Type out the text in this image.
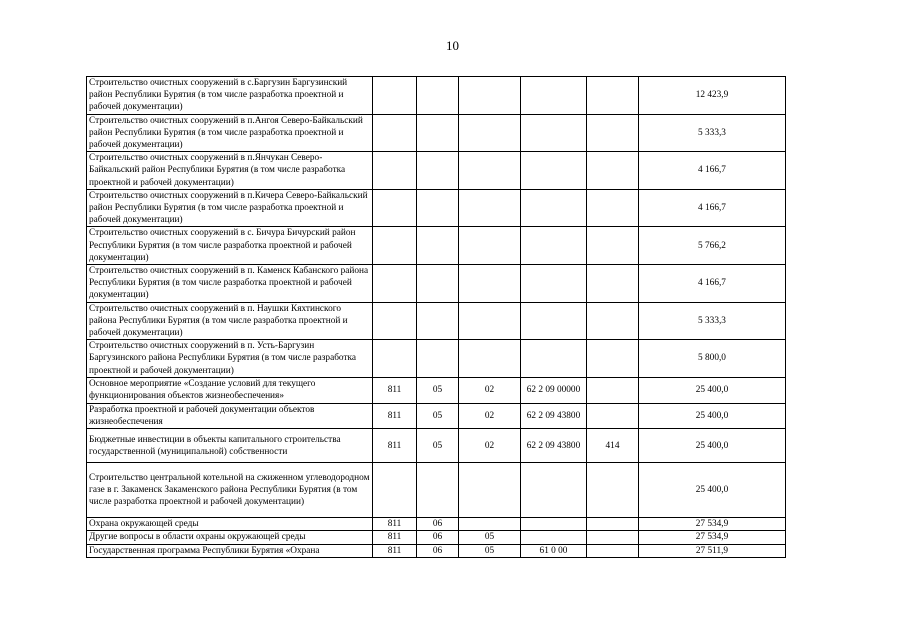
10
Строительство очистных сооружений в с.Баргузин Баргузинский район Республики Бурятия (в том числе разработка проектной и рабочей документации)						12 423,9
Строительство очистных сооружений в п.Ангоя Северо-Байкальский район Республики Бурятия (в том числе разработка проектной и рабочей документации)						5 333,3
Строительство очистных сооружений в п.Янчукан Северо-Байкальский район Республики Бурятия (в том числе разработка проектной и рабочей документации)						4 166,7
Строительство очистных сооружений в п.Кичера Северо-Байкальский район Республики Бурятия (в том числе разработка проектной и рабочей документации)						4 166,7
Строительство очистных сооружений в с. Бичура Бичурский район Республики Бурятия (в том числе разработка проектной и рабочей документации)						5 766,2
Строительство очистных сооружений в п. Каменск Кабанского района Республики Бурятия (в том числе разработка проектной и рабочей документации)						4 166,7
Строительство очистных сооружений в п. Наушки Кяхтинского района Республики Бурятия (в том числе разработка проектной и рабочей документации)						5 333,3
Строительство очистных сооружений в п. Усть-Баргузин Баргузинского района Республики Бурятия (в том числе разработка проектной и рабочей документации)						5 800,0
Основное мероприятие «Создание условий для текущего функционирования объектов жизнеобеспечения»	811	05	02	62 2 09 00000		25 400,0
Разработка проектной и рабочей документации объектов жизнеобеспечения	811	05	02	62 2 09 43800		25 400,0
Бюджетные инвестиции в объекты капитального строительства государственной (муниципальной) собственности	811	05	02	62 2 09 43800	414	25 400,0
Строительство центральной котельной на сжиженном углеводородном газе в г. Закаменск Закаменского района Республики Бурятия (в том числе разработка проектной и рабочей документации)						25 400,0
Охрана окружающей среды	811	06				27 534,9
Другие вопросы в области охраны окружающей среды	811	06	05			27 534,9
Государственная программа Республики Бурятия «Охрана	811	06	05	61 0 00		27 511,9
